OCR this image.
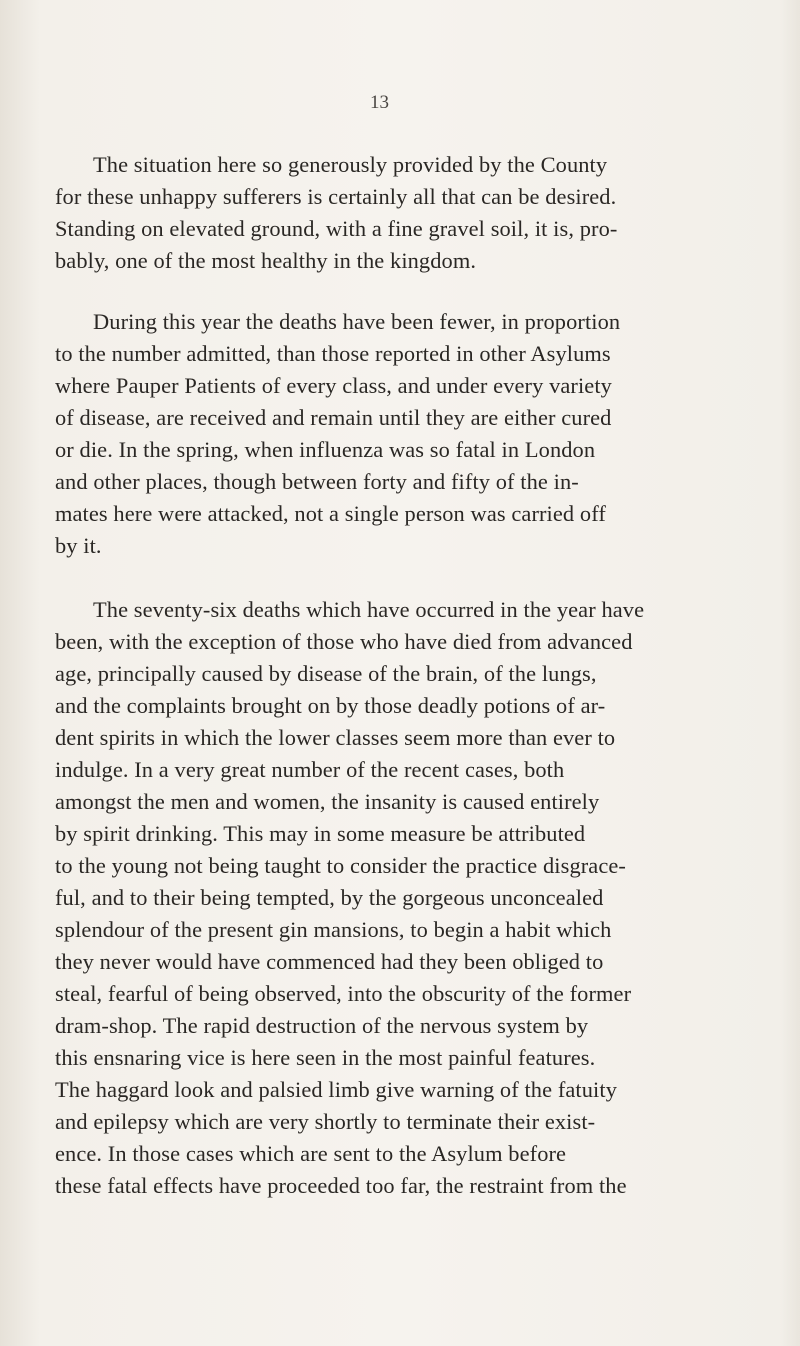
13
The situation here so generously provided by the County
for these unhappy sufferers is certainly all that can be desired.
Standing on elevated ground, with a fine gravel soil, it is, pro-
bably, one of the most healthy in the kingdom.
During this year the deaths have been fewer, in proportion
to the number admitted, than those reported in other Asylums
where Pauper Patients of every class, and under every variety
of disease, are received and remain until they are either cured
or die. In the spring, when influenza was so fatal in London
and other places, though between forty and fifty of the in-
mates here were attacked, not a single person was carried off
by it.
The seventy-six deaths which have occurred in the year have
been, with the exception of those who have died from advanced
age, principally caused by disease of the brain, of the lungs,
and the complaints brought on by those deadly potions of ar-
dent spirits in which the lower classes seem more than ever to
indulge. In a very great number of the recent cases, both
amongst the men and women, the insanity is caused entirely
by spirit drinking. This may in some measure be attributed
to the young not being taught to consider the practice disgrace-
ful, and to their being tempted, by the gorgeous unconcealed
splendour of the present gin mansions, to begin a habit which
they never would have commenced had they been obliged to
steal, fearful of being observed, into the obscurity of the former
dram-shop. The rapid destruction of the nervous system by
this ensnaring vice is here seen in the most painful features.
The haggard look and palsied limb give warning of the fatuity
and epilepsy which are very shortly to terminate their exist-
ence. In those cases which are sent to the Asylum before
these fatal effects have proceeded too far, the restraint from the
